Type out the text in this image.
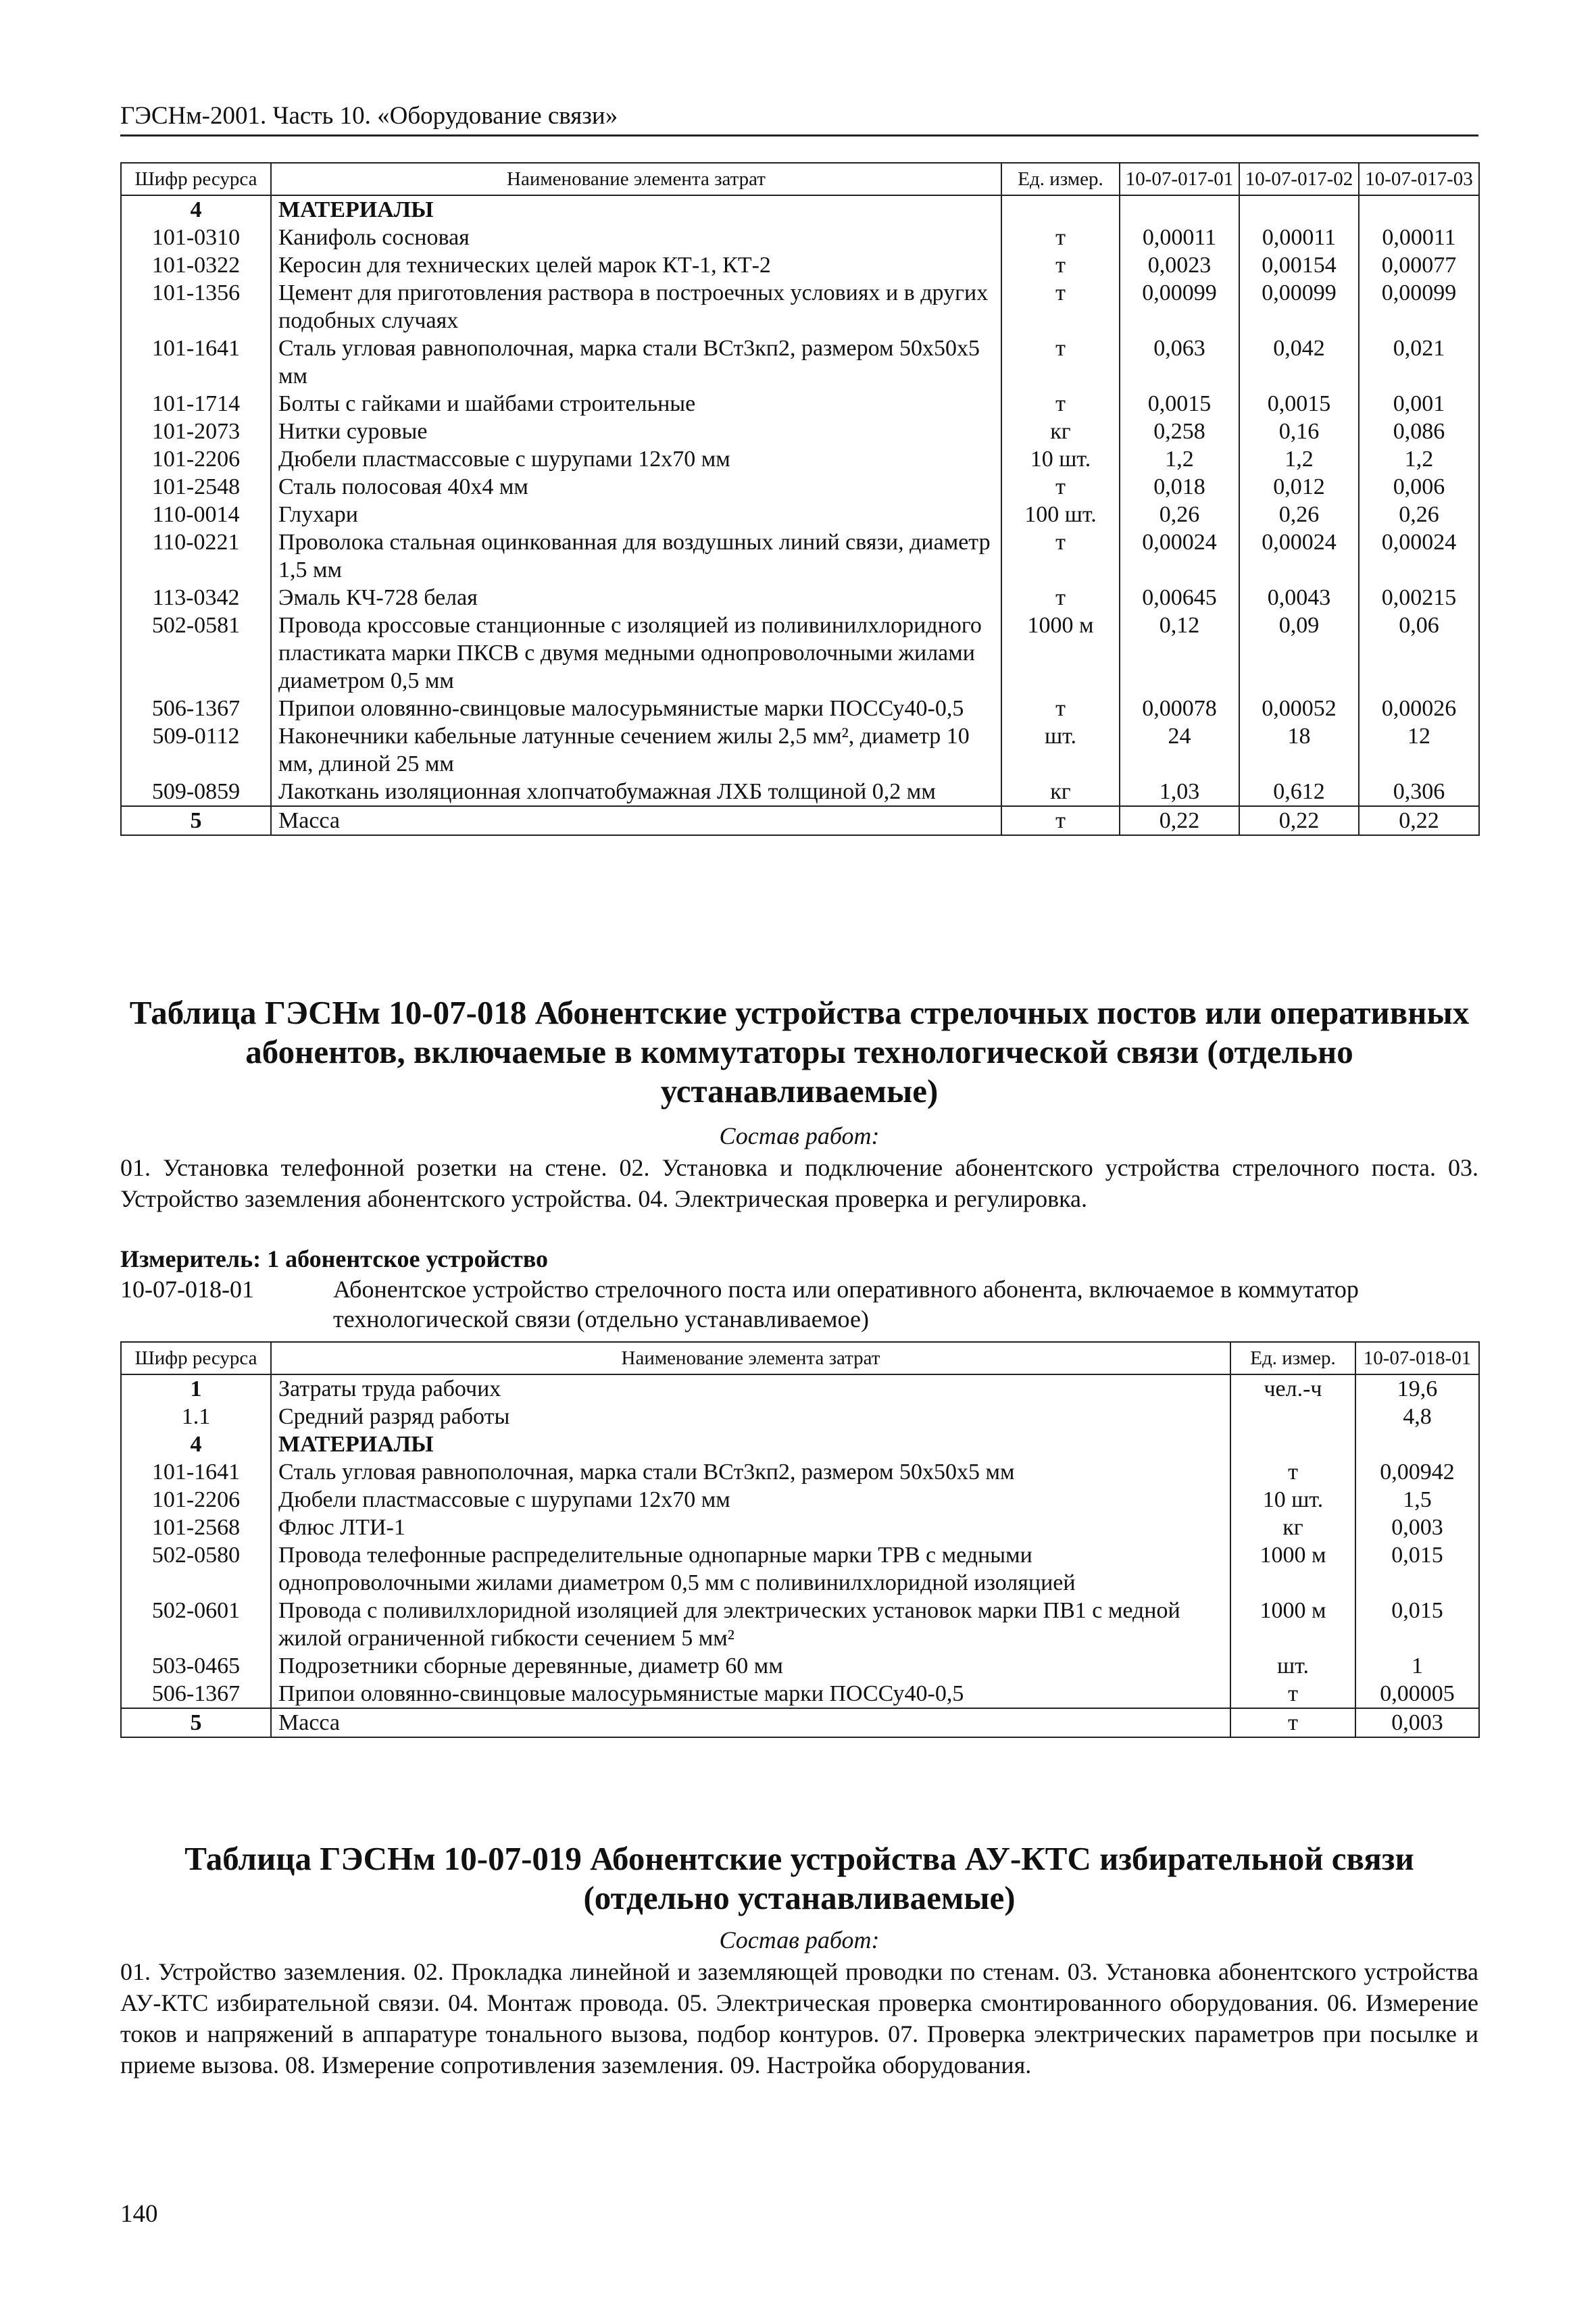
ГЭСНм-2001. Часть 10. «Оборудование связи»
Шифр ресурса	Наименование элемента затрат	Ед. измер.	10-07-017-01	10-07-017-02	10-07-017-03
4	МАТЕРИАЛЫ				
101-0310	Канифоль сосновая	т	0,00011	0,00011	0,00011
101-0322	Керосин для технических целей марок КТ-1, КТ-2	т	0,0023	0,00154	0,00077
101-1356	Цемент для приготовления раствора в построечных условиях и в других подобных случаях	т	0,00099	0,00099	0,00099
101-1641	Сталь угловая равнополочная, марка стали ВСт3кп2, размером 50х50х5 мм	т	0,063	0,042	0,021
101-1714	Болты с гайками и шайбами строительные	т	0,0015	0,0015	0,001
101-2073	Нитки суровые	кг	0,258	0,16	0,086
101-2206	Дюбели пластмассовые с шурупами 12х70 мм	10 шт.	1,2	1,2	1,2
101-2548	Сталь полосовая 40х4 мм	т	0,018	0,012	0,006
110-0014	Глухари	100 шт.	0,26	0,26	0,26
110-0221	Проволока стальная оцинкованная для воздушных линий связи, диаметр 1,5 мм	т	0,00024	0,00024	0,00024
113-0342	Эмаль КЧ-728 белая	т	0,00645	0,0043	0,00215
502-0581	Провода кроссовые станционные с изоляцией из поливинилхлоридного пластиката марки ПКСВ с двумя медными однопроволочными жилами диаметром 0,5 мм	1000 м	0,12	0,09	0,06
506-1367	Припои оловянно-свинцовые малосурьмянистые марки ПОССу40-0,5	т	0,00078	0,00052	0,00026
509-0112	Наконечники кабельные латунные сечением жилы 2,5 мм², диаметр 10 мм, длиной 25 мм	шт.	24	18	12
509-0859	Лакоткань изоляционная хлопчатобумажная ЛХБ толщиной 0,2 мм	кг	1,03	0,612	0,306
5	Масса	т	0,22	0,22	0,22
Таблица ГЭСНм 10-07-018 Абонентские устройства стрелочных постов или оперативных абонентов, включаемые в коммутаторы технологической связи (отдельно устанавливаемые)
Состав работ:
01. Установка телефонной розетки на стене. 02. Установка и подключение абонентского устройства стрелочного поста. 03. Устройство заземления абонентского устройства. 04. Электрическая проверка и регулировка.
Измеритель: 1 абонентское устройство
10-07-018-01	Абонентское устройство стрелочного поста или оперативного абонента, включаемое в коммутатор технологической связи (отдельно устанавливаемое)
Шифр ресурса	Наименование элемента затрат	Ед. измер.	10-07-018-01
1	Затраты труда рабочих	чел.-ч	19,6
1.1	Средний разряд работы		4,8
4	МАТЕРИАЛЫ		
101-1641	Сталь угловая равнополочная, марка стали ВСт3кп2, размером 50х50х5 мм	т	0,00942
101-2206	Дюбели пластмассовые с шурупами 12х70 мм	10 шт.	1,5
101-2568	Флюс ЛТИ-1	кг	0,003
502-0580	Провода телефонные распределительные однопарные марки ТРВ с медными однопроволочными жилами диаметром 0,5 мм с поливинилхлоридной изоляцией	1000 м	0,015
502-0601	Провода с поливилхлоридной изоляцией для электрических установок марки ПВ1 с медной жилой ограниченной гибкости сечением 5 мм²	1000 м	0,015
503-0465	Подрозетники сборные деревянные, диаметр 60 мм	шт.	1
506-1367	Припои оловянно-свинцовые малосурьмянистые марки ПОССу40-0,5	т	0,00005
5	Масса	т	0,003
Таблица ГЭСНм 10-07-019 Абонентские устройства АУ-КТС избирательной связи (отдельно устанавливаемые)
Состав работ:
01. Устройство заземления. 02. Прокладка линейной и заземляющей проводки по стенам. 03. Установка абонентского устройства АУ-КТС избирательной связи. 04. Монтаж провода. 05. Электрическая проверка смонтированного оборудования. 06. Измерение токов и напряжений в аппаратуре тонального вызова, подбор контуров. 07. Проверка электрических параметров при посылке и приеме вызова. 08. Измерение сопротивления заземления. 09. Настройка оборудования.
140
